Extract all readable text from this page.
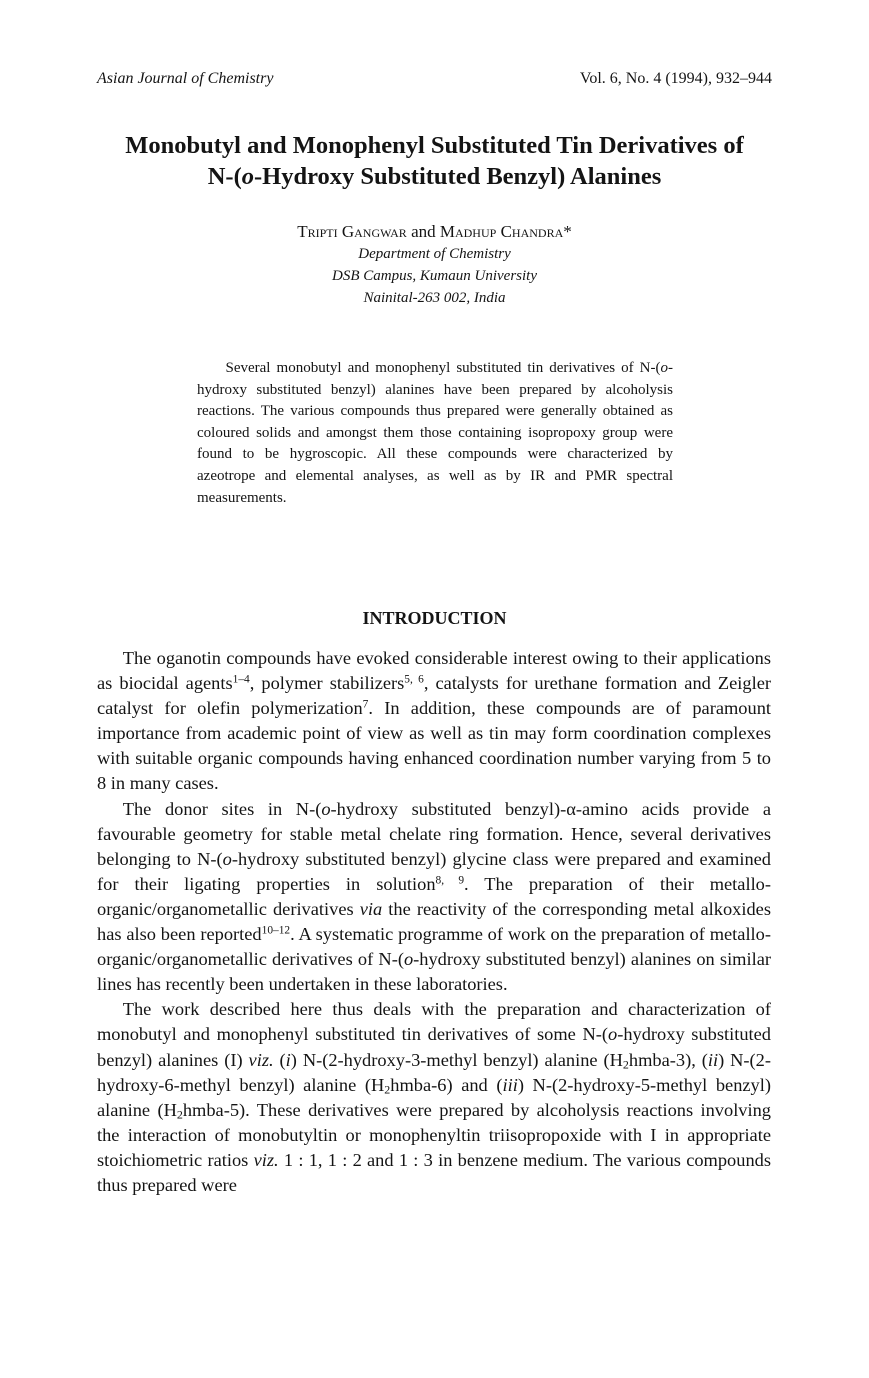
Asian Journal of Chemistry	Vol. 6, No. 4 (1994), 932–944
Monobutyl and Monophenyl Substituted Tin Derivatives of
N-(o-Hydroxy Substituted Benzyl) Alanines
Tripti Gangwar and Madhup Chandra*
Department of Chemistry
DSB Campus, Kumaun University
Nainital-263 002, India
Several monobutyl and monophenyl substituted tin derivatives of N-(o-hydroxy substituted benzyl) alanines have been prepared by alcoholysis reactions. The various compounds thus prepared were generally obtained as coloured solids and amongst them those containing isopropoxy group were found to be hygroscopic. All these compounds were characterized by azeotrope and elemental analyses, as well as by IR and PMR spectral measurements.
INTRODUCTION

The oganotin compounds have evoked considerable interest owing to their applications as biocidal agents$^{1-4}$, polymer stabilizers$^{5, 6}$, catalysts for urethane formation and Zeigler catalyst for olefin polymerization$^7$. In addition, these compounds are of paramount importance from academic point of view as well as tin may form coordination complexes with suitable organic compounds having enhanced coordination number varying from 5 to 8 in many cases.

The donor sites in N-(o-hydroxy substituted benzyl)-α-amino acids provide a favourable geometry for stable metal chelate ring formation. Hence, several derivatives belonging to N-(o-hydroxy substituted benzyl) glycine class were prepared and examined for their ligating properties in solution$^{8, 9}$. The preparation of their metallo-organic/organometallic derivatives via the reactivity of the corresponding metal alkoxides has also been reported$^{10-12}$. A systematic programme of work on the preparation of metallo-organic/organometallic derivatives of N-(o-hydroxy substituted benzyl) alanines on similar lines has recently been undertaken in these laboratories.

The work described here thus deals with the preparation and characterization of monobutyl and monophenyl substituted tin derivatives of some N-(o-hydroxy substituted benzyl) alanines (I) viz. (i) N-(2-hydroxy-3-methyl benzyl) alanine $(H_2hmba-3)$, (ii) N-(2-hydroxy-6-methyl benzyl) alanine $(H_2hmba-6)$ and (iii) N-(2-hydroxy-5-methyl benzyl) alanine $(H_2hmba-5)$. These derivatives were prepared by alcoholysis reactions involving the interaction of monobutyltin or monophenyltin triisopropoxide with I in appropriate stoichiometric ratios viz. 1 : 1, 1 : 2 and 1 : 3 in benzene medium. The various compounds thus prepared were
